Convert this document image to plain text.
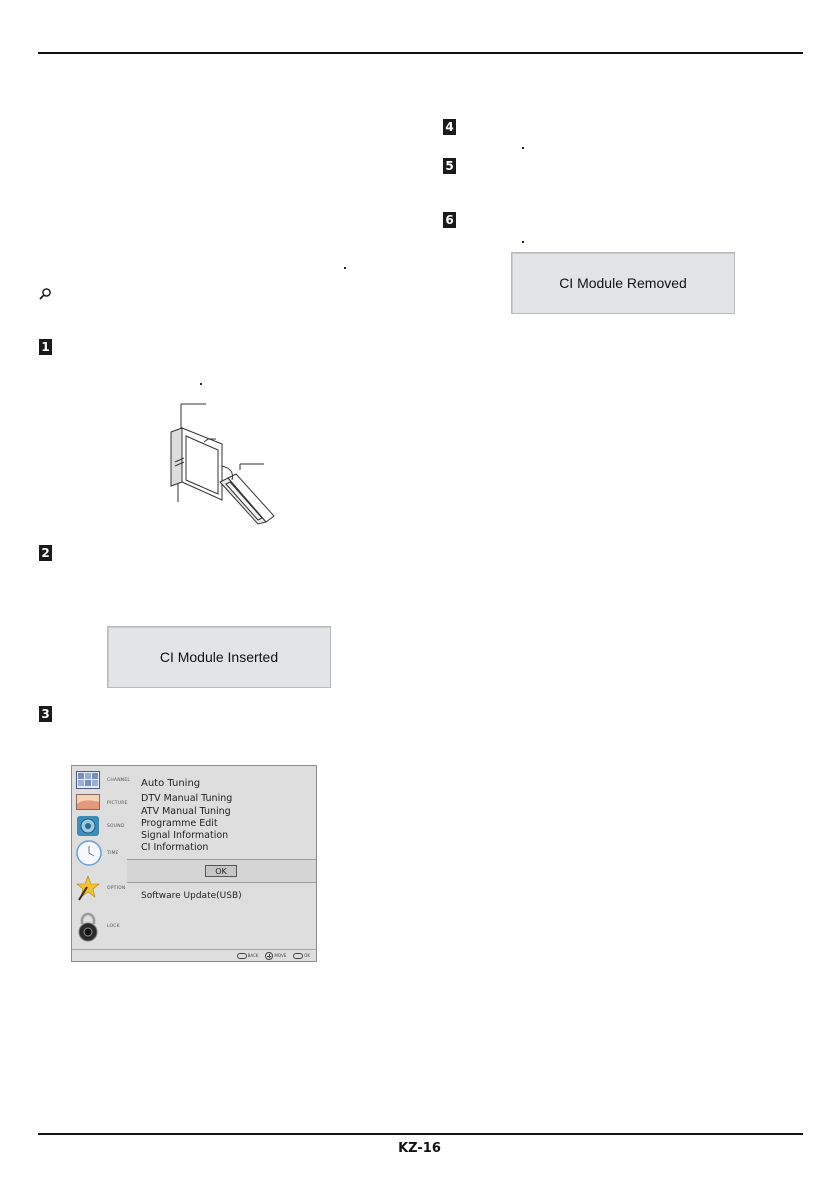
1
2
3
4
5
6
CI Module Inserted
CI Module Removed
CHANNEL
PICTURE
SOUND
TIME
OPTION
LOCK
Auto Tuning
DTV Manual Tuning
ATV Manual Tuning
Programme Edit
Signal Information
CI Information
OK
Software Update(USB)
BACK	MOVE	OK
KZ-16
